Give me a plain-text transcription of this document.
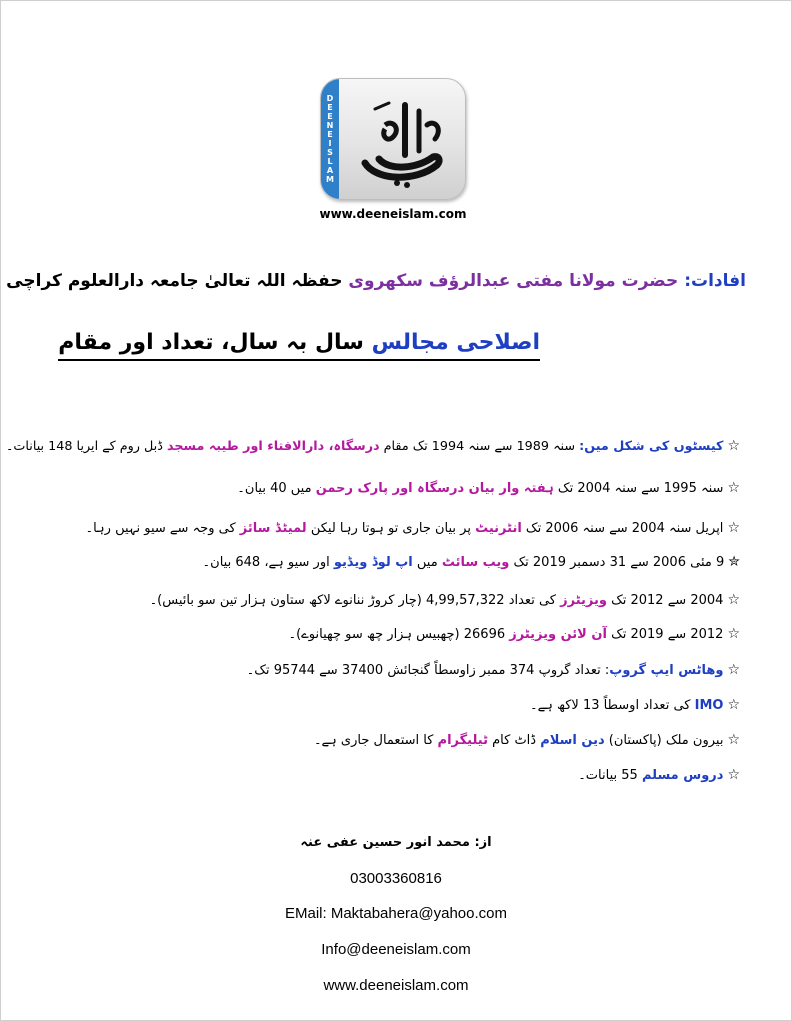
D
E
E
N
E
I
S
L
A
M
www.deeneislam.com
افادات: حضرت مولانا مفتی عبدالرؤف سکھروی حفظہ اللہ تعالیٰ جامعہ دارالعلوم کراچی
اصلاحی مجالس سال بہ سال، تعداد اور مقام
☆کیسٹوں کی شکل میں: سنہ 1989 سے سنہ 1994 تک مقام درسگاہ، دارالافتاء اور طیبہ مسجد ڈبل روم کے ایریا 148 بیانات۔
☆سنہ 1995 سے سنہ 2004 تک ہفتہ وار بیان درسگاہ اور پارک رحمن میں 40 بیان۔
☆اپریل سنہ 2004 سے سنہ 2006 تک انٹرنیٹ پر بیان جاری تو ہوتا رہا لیکن لمیٹڈ سائز کی وجہ سے سیو نہیں رہا۔
✮9 مئی 2006 سے 31 دسمبر 2019 تک ویب سائٹ میں اپ لوڈ ویڈیو اور سیو ہے، 648 بیان۔
☆2004 سے 2012 تک ویزیٹرز کی تعداد 4,99,57,322 (چار کروڑ ننانوے لاکھ ستاون ہزار تین سو بائیس)۔
☆2012 سے 2019 تک آن لائن ویزیٹرز 26696 (چھبیس ہزار چھ سو چھیانوے)۔
☆وھاٹس ایپ گروپ: تعداد گروپ 374 ممبر زاوسطاً گنجائش 37400 سے 95744 تک۔
☆IMO کی تعداد اوسطاً 13 لاکھ ہے۔
☆بیرون ملک (پاکستان) دین اسلام ڈاٹ کام ٹیلیگرام کا استعمال جاری ہے۔
☆دروس مسلم 55 بیانات۔
از: محمد انور حسین عفی عنہ
03003360816
EMail: Maktabahera@yahoo.com
Info@deeneislam.com
www.deeneislam.com
